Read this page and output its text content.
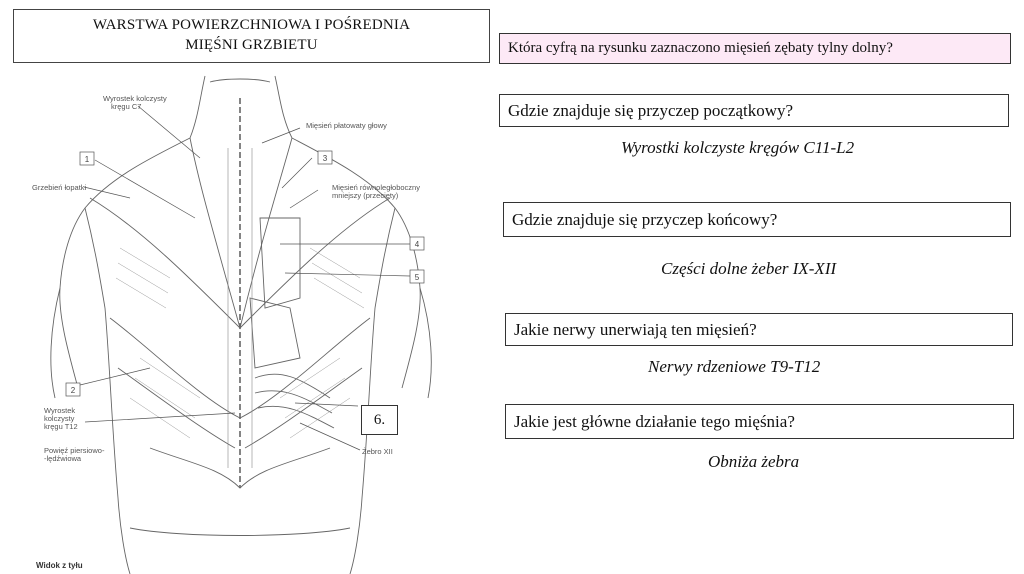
WARSTWA POWIERZCHNIOWA I POŚREDNIA
MIĘŚNI GRZBIETU	Która cyfrą na rysunku zaznaczono mięsień zębaty tylny dolny?
Gdzie znajduje się przyczep początkowy?
Wyrostki kolczyste kręgów C11-L2
Gdzie znajduje się przyczep końcowy?
Części dolne żeber IX-XII
Jakie nerwy unerwiają ten mięsień?
Nerwy rdzeniowe T9-T12
Jakie jest główne działanie tego mięśnia?
Obniża żebra
1	3
4
5
2
Wyrostek kolczysty
kręgu C7
Mięsień płatowaty głowy
Grzebień łopatki	Mięsień równoległoboczny
mniejszy (przecięty)
Wyrostek
kolczysty
kręgu T12
Powięź piersiowo-
-lędźwiowa
Żebro XII
Widok z tyłu
6.
